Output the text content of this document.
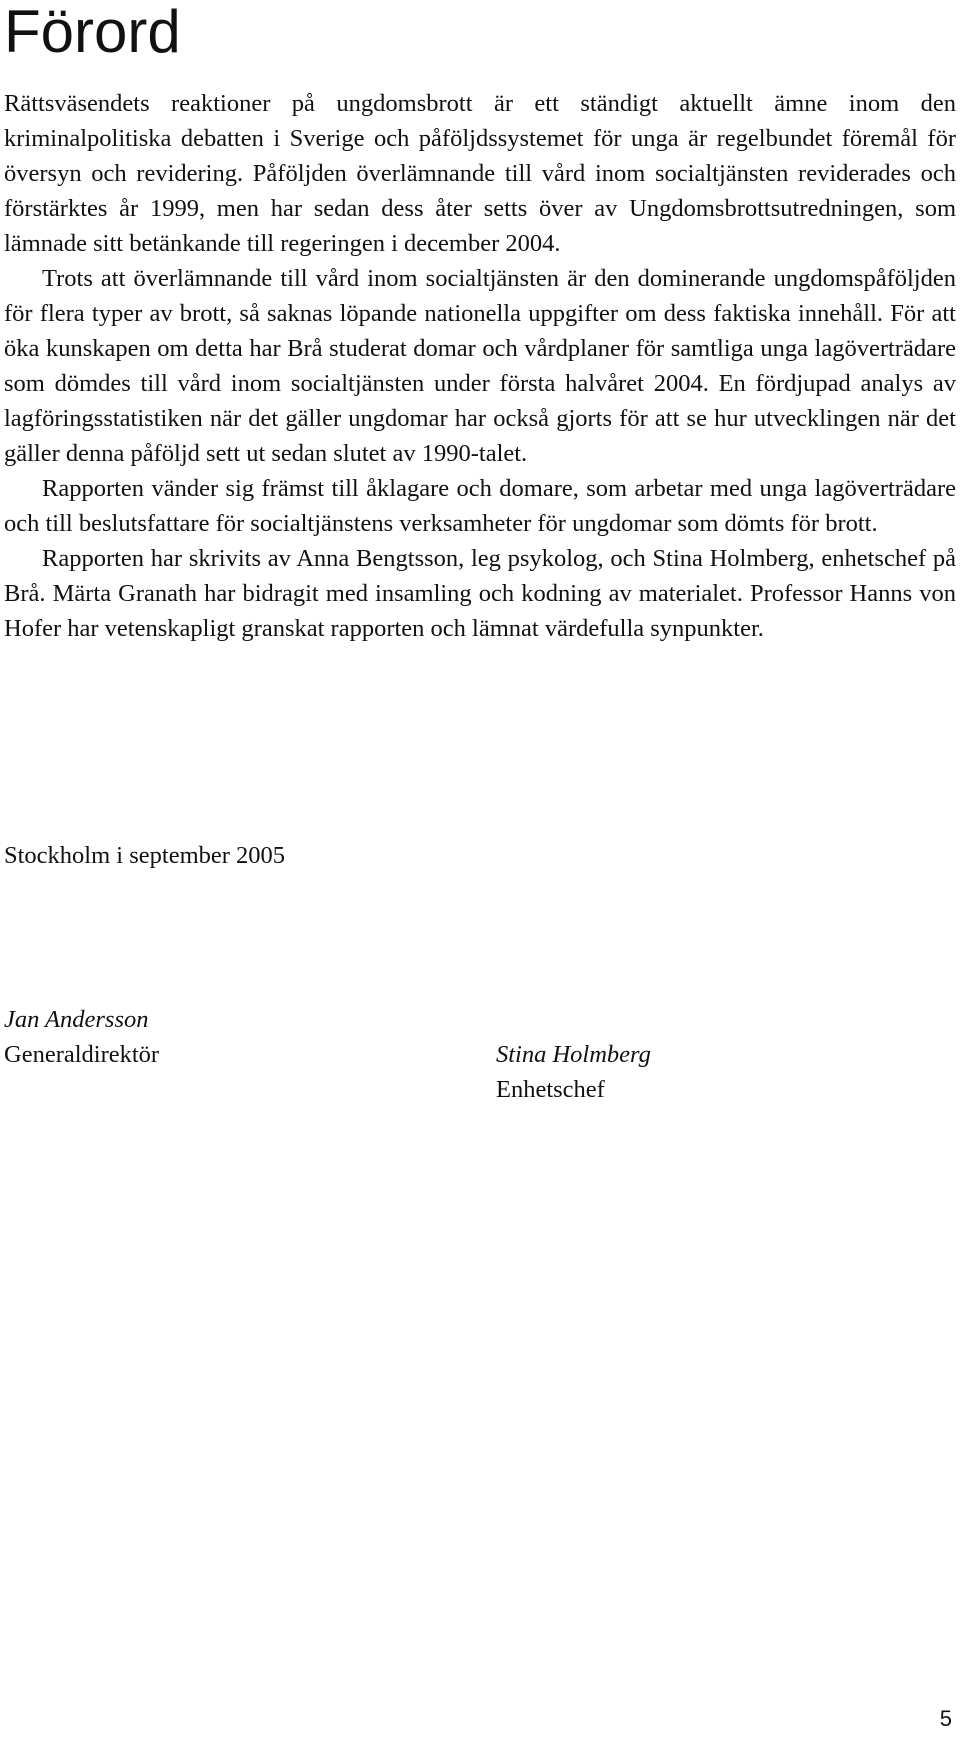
Förord

Rättsväsendets reaktioner på ungdomsbrott är ett ständigt aktuellt ämne inom den kriminalpolitiska debatten i Sverige och påföljdssystemet för unga är regelbundet föremål för översyn och revidering. Påföljden överlämnande till vård inom socialtjänsten reviderades och förstärktes år 1999, men har sedan dess åter setts över av Ungdomsbrottsutredningen, som lämnade sitt betänkande till regeringen i december 2004.

Trots att överlämnande till vård inom socialtjänsten är den dominerande ungdomspåföljden för flera typer av brott, så saknas löpande nationella uppgifter om dess faktiska innehåll. För att öka kunskapen om detta har Brå studerat domar och vårdplaner för samtliga unga lagöverträdare som dömdes till vård inom socialtjänsten under första halvåret 2004. En fördjupad analys av lagföringsstatistiken när det gäller ungdomar har också gjorts för att se hur utvecklingen när det gäller denna påföljd sett ut sedan slutet av 1990-talet.

Rapporten vänder sig främst till åklagare och domare, som arbetar med unga lagöverträdare och till beslutsfattare för socialtjänstens verksamheter för ungdomar som dömts för brott.

Rapporten har skrivits av Anna Bengtsson, leg psykolog, och Stina Holmberg, enhetschef på Brå. Märta Granath har bidragit med insamling och kodning av materialet. Professor Hanns von Hofer har vetenskapligt granskat rapporten och lämnat värdefulla synpunkter.

Stockholm i september 2005
Jan Andersson
Generaldirektör	Stina Holmberg
Enhetschef
5
